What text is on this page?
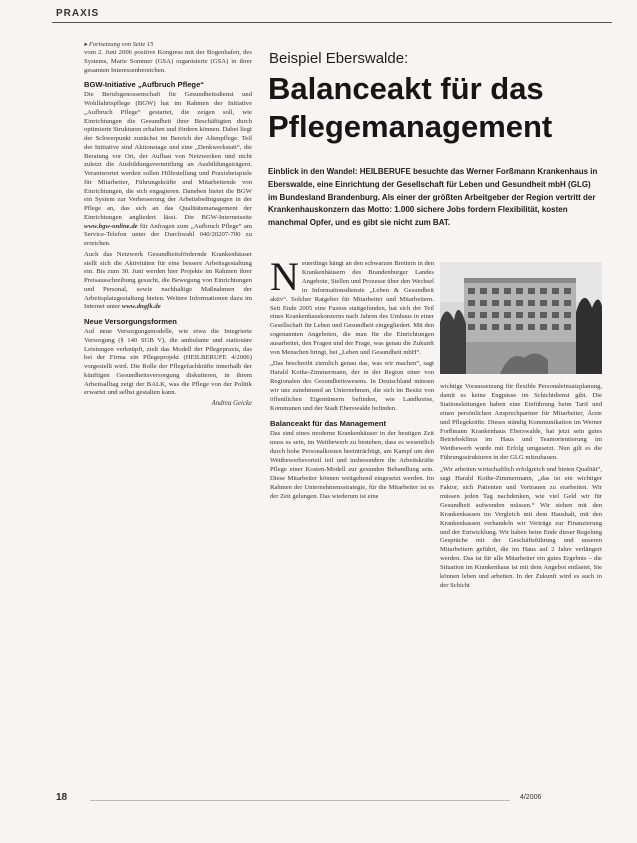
PRAXIS

▸ Fortsetzung von Seite 15

vom 2. Juni 2006 positive Kongress mit der Bogenhafen, des Systems, Marie Sommer (GSA) organisierte (GSA) in ihrer gesamten Interessenbereichen.

BGW-Initiative „Aufbruch Pflege“

Die Berufsgenossenschaft für Gesundheitsdienst und Wohlfahrtspflege (BGW) hat im Rahmen der Initiative „Aufbruch Pflege“ gestartet, die zeigen soll, wie Einrichtungen die Gesundheit ihrer Beschäftigten durch optimierte Strukturen erhalten und fördern können. Dabei liegt der Schwerpunkt zunächst im Bereich der Altenpflege. Teil der Initiative sind Aktionstage und eine „Denkwerkstatt“, die Beratung vor Ort, der Aufbau von Netzwerken und nicht zuletzt die Ausbildungsvermittlung an Ausbildungsträgern. Verantwortet werden sollen Hilfestellung und Praxisbeispiele für Mitarbeiter, Führungskräfte und Mitarbeitende von Einrichtungen, die sich engagieren. Daneben bietet die BGW ein System zur Verbesserung der Arbeitsbedingungen in der Pflege an, das sich an das Qualitätsmanagement der Einrichtungen angliedert lässt. Die BGW-Internetseite www.bgw-online.de für Anfragen zum „Aufbruch Pflege“ am Service-Telefon unter der Durchwahl 040/20207-700 zu erreichen.

Auch das Netzwerk Gesundheitsfördernde Krankenhäuser stellt sich die Aktivitäten für eine bessere Arbeitsgestaltung ein. Bis zum 30. Juni werden hier Projekte im Rahmen ihrer Preisausschreibung gesucht, die Bewegung von Einrichtungen und Personal, sowie nachhaltige Maßnahmen der Arbeitsplatzgestaltung bieten. Weitere Informationen dazu im Internet unter www.dngfk.de

Neue Versorgungsformen

Auf neue Versorgungsmodelle, wie etwa die Integrierte Versorgung (§ 140 SGB V), die ambulante und stationäre Leistungen verknüpft, zielt das Modell der Pflegepraxis, das bei der Firma ein Pflegeprojekt (HEILBERUFE 4/2006) vorgestellt wird. Die Rolle der Pflegefachkräfte innerhalb der künftigen Gesundheitsversorgung diskutieren, in ihrem Arbeitsalltag zeigt der BALK, was die Pflege von der Politik erwartet und selbst gestalten kann.

Andrea Geicke
Beispiel Eberswalde:
Balanceakt für das
Pflegemanagement

Einblick in den Wandel: HEILBERUFE besuchte das Werner Forßmann Krankenhaus in Eberswalde, eine Einrichtung der Gesellschaft für Leben und Gesundheit mbH (GLG) im Bundesland Brandenburg. Als einer der größten Arbeitgeber der Region vertritt der Krankenhauskonzern das Motto: 1.000 sichere Jobs fordern Flexibilität, kosten manchmal Opfer, und es gibt sie nicht zum BAT.

N euerdings hängt an den schwarzen Brettern in den Krankenhäusern des Brandenburger Landes Angebote, Stellen und Prozesse über den Wechsel in Informationsdienste „Leben & Gesundheit aktiv“. Solcher Ratgeber für Mitarbeiter und Mitarbeitern. Seit Ende 2005 eine Fusion stattgefunden, hat sich der Teil eines Krankenhauskonzerns nach Jahren des Umbaus in einer Gesellschaft für Leben und Gesundheit eingegliedert. Mit den sogenannten Angeboten, die man für die Einrichtungen ausarbeitet, den Fragen und der Frage, was genau die Zukunft von Menschen bringt, bei „Leben und Gesundheit mbH“.

„Das beschreibt ziemlich genau das, was wir machen“, sagt Harald Kothe-Zimmermann, der in der Region einer von Regionalen des Gesundheitswesens. In Deutschland müssen wir uns zunehmend an Unternehmen, die sich im Besitz von öffentlichen Eigentümern befinden, wie Landkreise, Kommunen und der Stadt Eberswalde befinden.

Balanceakt für das Management

Das sind eines moderne Krankenhäuser in der heutigen Zeit muss es sein, im Wettbewerb zu bestehen, dass es wesentlich durch hohe Personalkosten beeinträchtigt, am Kampf um den Wettbewerbsvorteil teil und insbesondere die Arbeitskräfte Pflege einer Kosten-Modell zur gesunden Behandlung sein. Diese Mitarbeiter können weitgehend eingesetzt werden. Im Rahmen der Unternehmensstrategie, für die Mitarbeiter ist es der Zeit gelungen. Das wiederum ist eine

wichtige Voraussetzung für flexible Personaleinsatzplanung, damit es keine Engpässe im Schichtdienst gibt. Die Stationsleitungen haben eine Einführung beim Tarif und einen persönlichen Ansprechpartner für Mitarbeiter, Ärzte und Pflegekräfte. Dieses ständig Kommunikation im Werner Forßmann Krankenhaus Eberswalde, hat jetzt sein gutes Betriebsklima im Haus und Teamorientierung im Wettbewerb wurde mit Erfolg umgesetzt. Nun gilt es die Führungsstrukturen in der GLG mitzubauen.

„Wir arbeiten wirtschaftlich erfolgreich und bieten Qualität“, sagt Harald Kothe-Zimmermann, „das ist ein wichtiger Faktor, sich Patienten und Vertrauen zu erarbeiten. Wir müssen jeden Tag nachdenken, wie viel Geld wir für Gesundheit aufwenden müssen.“ Wir stehen mit den Krankenkassen im Vergleich mit dem Haushalt, mit den Krankenkassen verhandeln wir Verträge zur Finanzierung und der Entwicklung. Wir haben beim Ende dieser Regelung Gespräche mit der Geschäftsführung und unseren Mitarbeitern geführt, die im Haus auf 2 Jahre verlängert werden. Das ist für alle Mitarbeiter ein gutes Ergebnis – die Situation im Krankenhaus ist mit dem Angebot entlastet, Sie können leben und arbeiten. In der Zukunft wird es auch in der Schicht

18	4/2006
